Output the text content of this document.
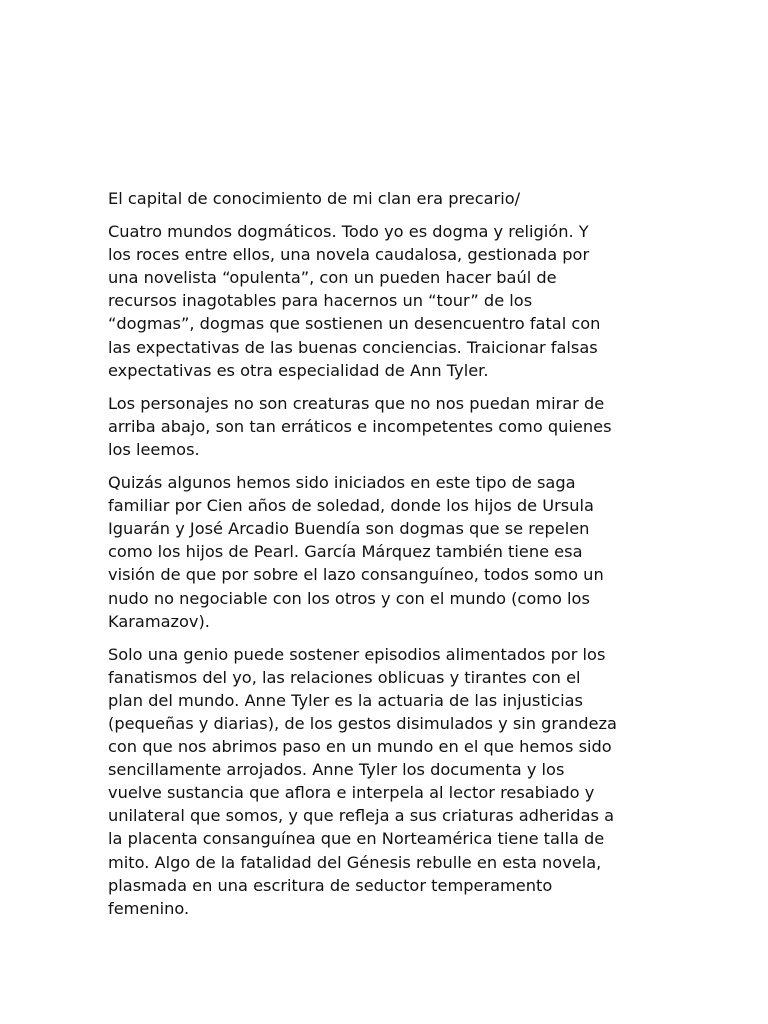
El capital de conocimiento de mi clan era precario/

Cuatro mundos dogmáticos. Todo yo es dogma y religión. Y
los roces entre ellos, una novela caudalosa, gestionada por
una novelista “opulenta”, con un pueden hacer baúl de
recursos inagotables para hacernos un “tour” de los
“dogmas”, dogmas que sostienen un desencuentro fatal con
las expectativas de las buenas conciencias. Traicionar falsas
expectativas es otra especialidad de Ann Tyler.

Los personajes no son creaturas que no nos puedan mirar de
arriba abajo, son tan erráticos e incompetentes como quienes
los leemos.

Quizás algunos hemos sido iniciados en este tipo de saga
familiar por Cien años de soledad, donde los hijos de Ursula
Iguarán y José Arcadio Buendía son dogmas que se repelen
como los hijos de Pearl. García Márquez también tiene esa
visión de que por sobre el lazo consanguíneo, todos somo un
nudo no negociable con los otros y con el mundo (como los
Karamazov).

Solo una genio puede sostener episodios alimentados por los
fanatismos del yo, las relaciones oblicuas y tirantes con el
plan del mundo. Anne Tyler es la actuaria de las injusticias
(pequeñas y diarias), de los gestos disimulados y sin grandeza
con que nos abrimos paso en un mundo en el que hemos sido
sencillamente arrojados. Anne Tyler los documenta y los
vuelve sustancia que aflora e interpela al lector resabiado y
unilateral que somos, y que refleja a sus criaturas adheridas a
la placenta consanguínea que en Norteamérica tiene talla de
mito. Algo de la fatalidad del Génesis rebulle en esta novela,
plasmada en una escritura de seductor temperamento
femenino.
